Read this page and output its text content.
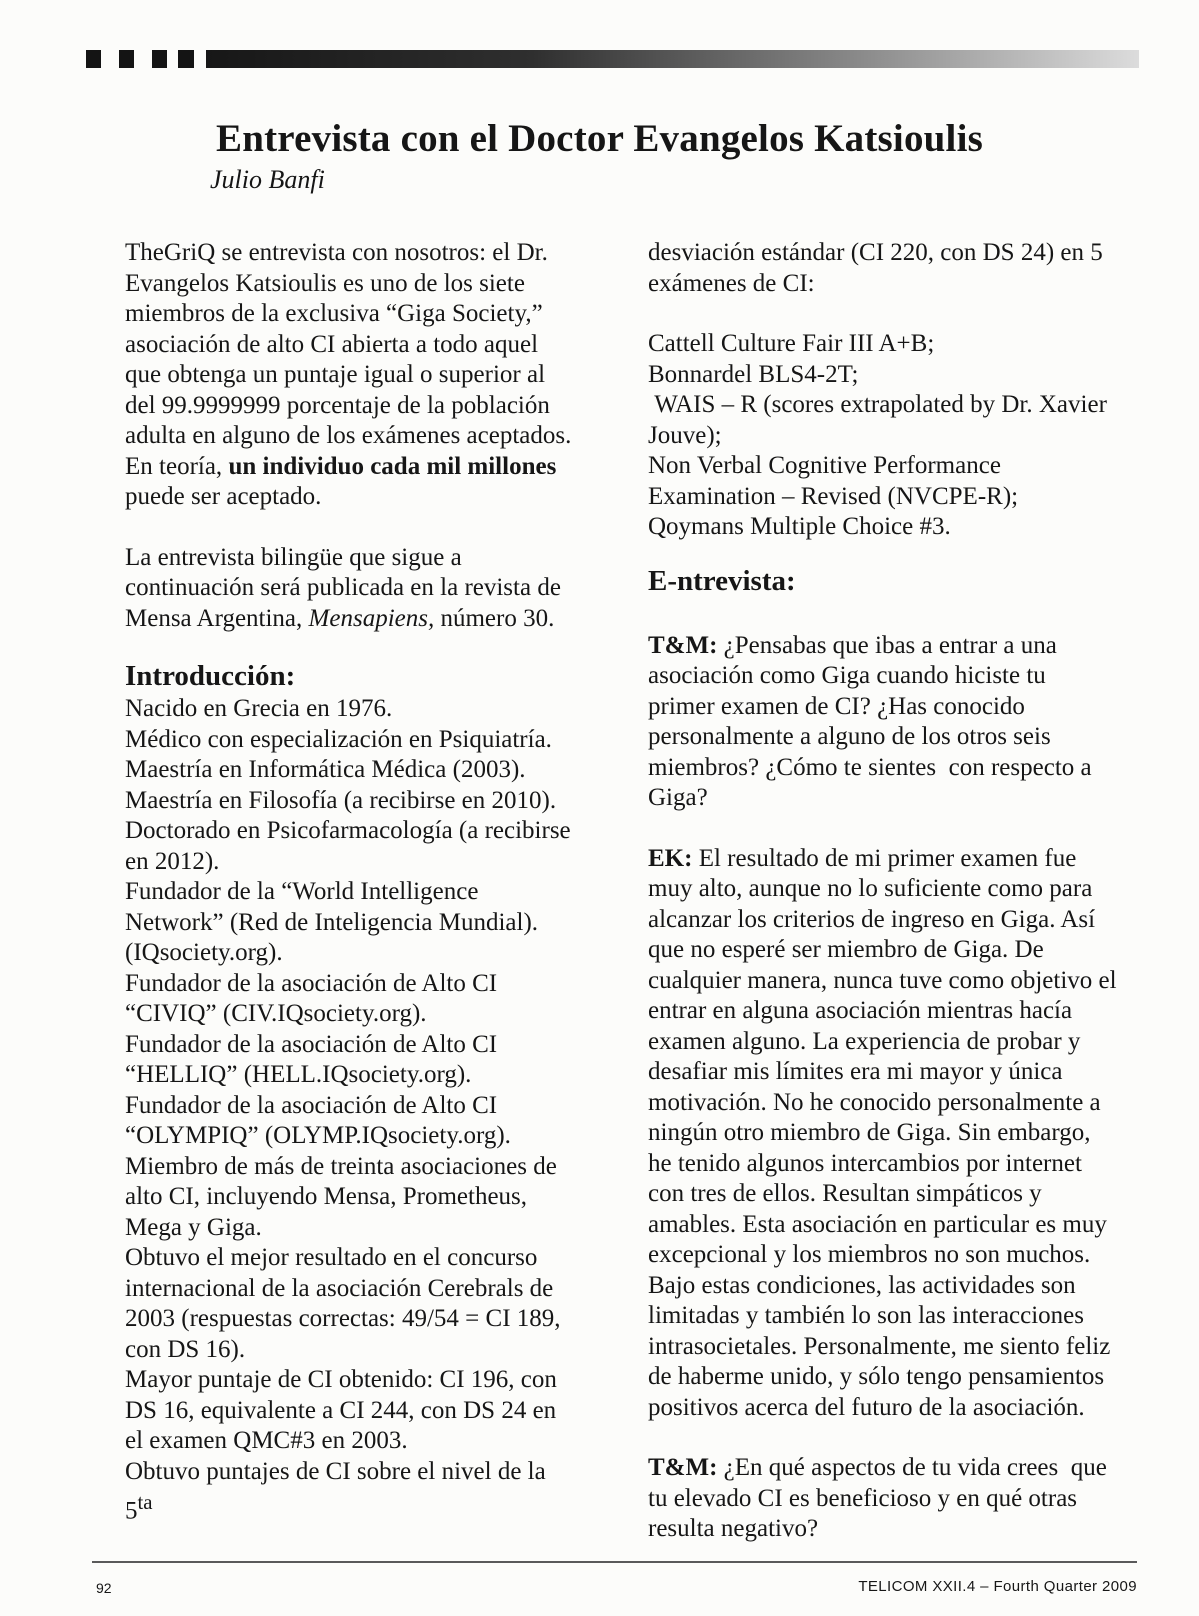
Entrevista con el Doctor Evangelos Katsioulis

Julio Banfi

TheGriQ se entrevista con nosotros: el Dr. Evangelos Katsioulis es uno de los siete miembros de la exclusiva “Giga Society,” asociación de alto CI abierta a todo aquel que obtenga un puntaje igual o superior al del 99.9999999 porcentaje de la población adulta en alguno de los exámenes aceptados. En teoría, un individuo cada mil millones puede ser aceptado.

La entrevista bilingüe que sigue a continuación será publicada en la revista de Mensa Argentina, Mensapiens, número 30.

Introducción:

Nacido en Grecia en 1976.

Médico con especialización en Psiquiatría.

Maestría en Informática Médica (2003).

Maestría en Filosofía (a recibirse en 2010).

Doctorado en Psicofarmacología (a recibirse en 2012).

Fundador de la “World Intelligence Network” (Red de Inteligencia Mundial). (IQsociety.org).

Fundador de la asociación de Alto CI “CIVIQ” (CIV.IQsociety.org).

Fundador de la asociación de Alto CI “HELLIQ” (HELL.IQsociety.org).

Fundador de la asociación de Alto CI “OLYMPIQ” (OLYMP.IQsociety.org).

Miembro de más de treinta asociaciones de alto CI, incluyendo Mensa, Prometheus, Mega y Giga.

Obtuvo el mejor resultado en el concurso internacional de la asociación Cerebrals de 2003 (respuestas correctas: 49/54 = CI 189, con DS 16).

Mayor puntaje de CI obtenido: CI 196, con DS 16, equivalente a CI 244, con DS 24 en el examen QMC#3 en 2003.

Obtuvo puntajes de CI sobre el nivel de la $5^{ta}$

desviación estándar (CI 220, con DS 24) en 5 exámenes de CI:

Cattell Culture Fair III A+B;

Bonnardel BLS4-2T;

WAIS – R (scores extrapolated by Dr. Xavier Jouve);

Non Verbal Cognitive Performance Examination – Revised (NVCPE-R);

Qoymans Multiple Choice #3.

E-ntrevista:

T&M: ¿Pensabas que ibas a entrar a una asociación como Giga cuando hiciste tu primer examen de CI? ¿Has conocido personalmente a alguno de los otros seis miembros? ¿Cómo te sientes  con respecto a Giga?

EK: El resultado de mi primer examen fue muy alto, aunque no lo suficiente como para alcanzar los criterios de ingreso en Giga. Así que no esperé ser miembro de Giga. De cualquier manera, nunca tuve como objetivo el entrar en alguna asociación mientras hacía examen alguno. La experiencia de probar y desafiar mis límites era mi mayor y única motivación. No he conocido personalmente a ningún otro miembro de Giga. Sin embargo, he tenido algunos intercambios por internet con tres de ellos. Resultan simpáticos y amables. Esta asociación en particular es muy excepcional y los miembros no son muchos. Bajo estas condiciones, las actividades son limitadas y también lo son las interacciones intrasocietales. Personalmente, me siento feliz de haberme unido, y sólo tengo pensamientos positivos acerca del futuro de la asociación.

T&M: ¿En qué aspectos de tu vida crees  que tu elevado CI es beneficioso y en qué otras resulta negativo?

92	TELICOM XXII.4 – Fourth Quarter 2009
